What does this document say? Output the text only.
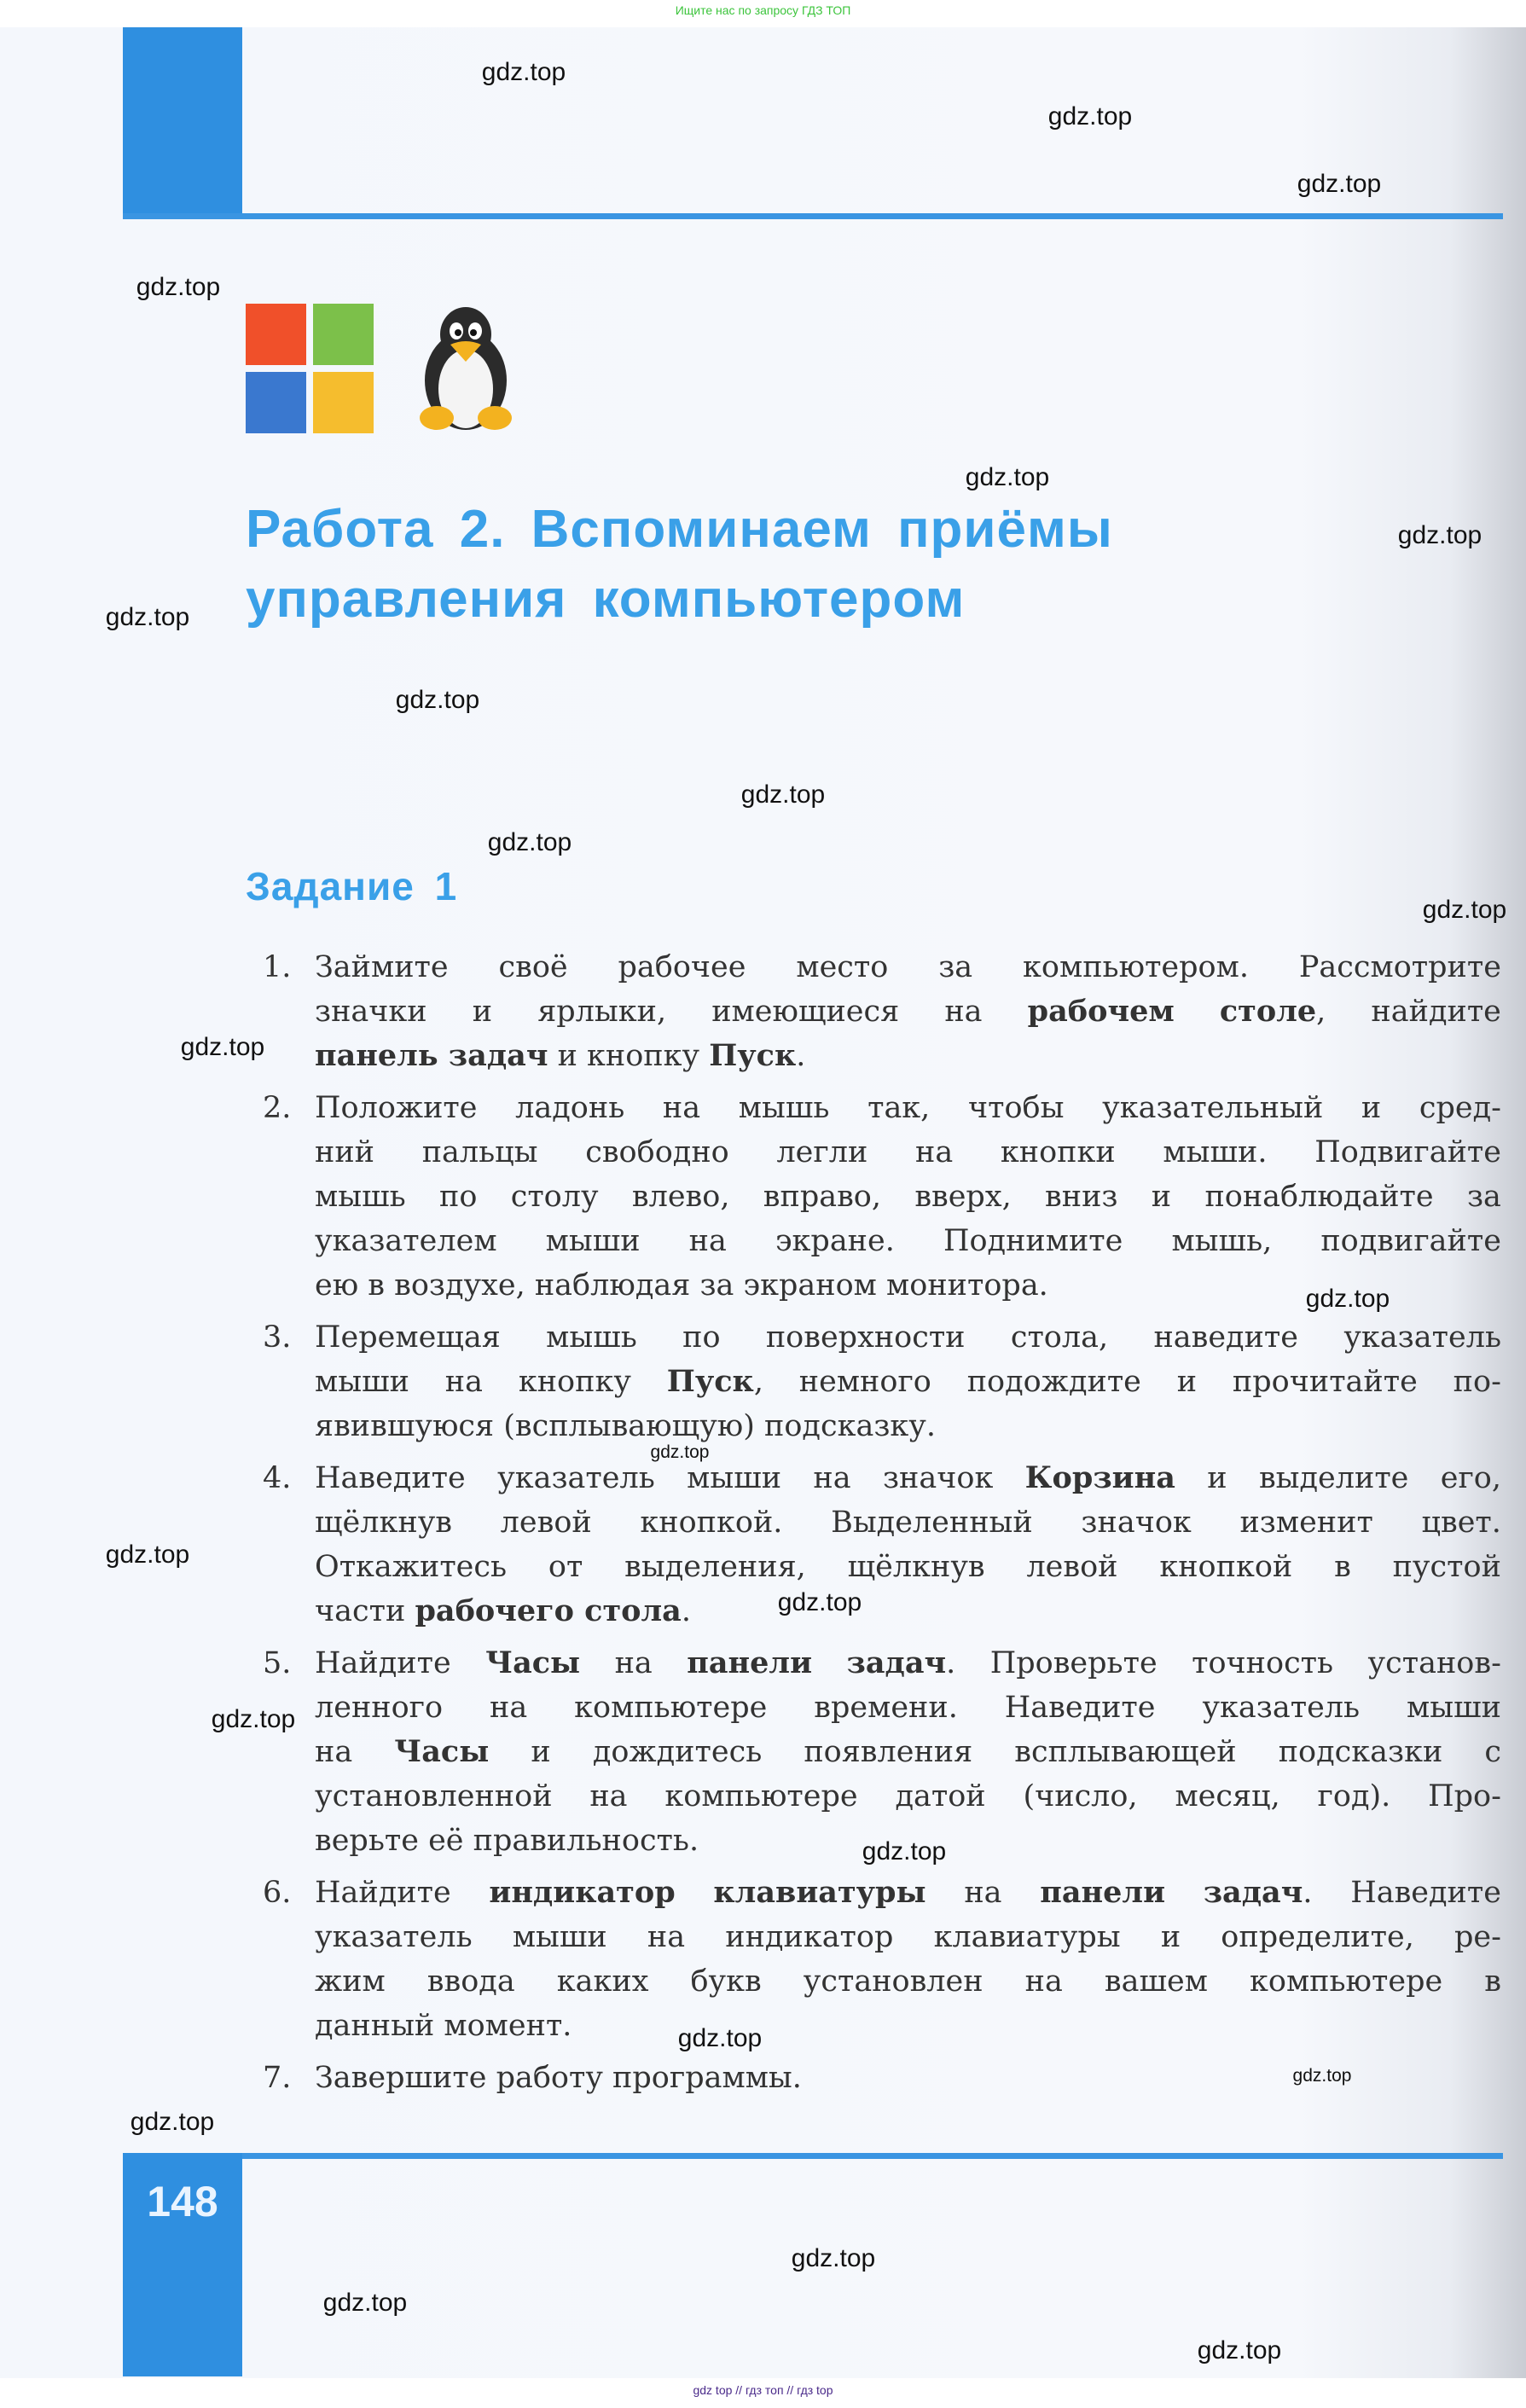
Ищите нас по запросу ГДЗ ТОП
Работа 2. Вспоминаем приёмы
управления компьютером
Задание 1
1. Займите своё рабочее место за компьютером. Рассмотрите
значки и ярлыки, имеющиеся на рабочем столе, найдите
панель задач и кнопку Пуск .
2. Положите ладонь на мышь так, чтобы указательный и сред-
ний пальцы свободно легли на кнопки мыши. Подвигайте
мышь по столу влево, вправо, вверх, вниз и понаблюдайте за
указателем мыши на экране. Поднимите мышь, подвигайте
ею в воздухе, наблюдая за экраном монитора.
3. Перемещая мышь по поверхности стола, наведите указатель
мыши на кнопку Пуск, немного подождите и прочитайте по-
явившуюся (всплывающую) подсказку.
4. Наведите указатель мыши на значок Корзина и выделите его,
щёлкнув левой кнопкой. Выделенный значок изменит цвет.
Откажитесь от выделения, щёлкнув левой кнопкой в пустой
части рабочего стола .
5. Найдите Часы на панели задач. Проверьте точность установ-
ленного на компьютере времени. Наведите указатель мыши
на Часы и дождитесь появления всплывающей подсказки с
установленной на компьютере датой (число, месяц, год). Про-
верьте её правильность.
6. Найдите индикатор клавиатуры на панели задач. Наведите
указатель мыши на индикатор клавиатуры и определите, ре-
жим ввода каких букв установлен на вашем компьютере в
данный момент.
7. Завершите работу программы.
148
gdz.top
gdz.top
gdz.top
gdz.top
gdz.top
gdz.top
gdz.top
gdz.top
gdz.top
gdz.top
gdz.top
gdz.top
gdz.top
gdz.top
gdz.top
gdz.top
gdz.top
gdz.top
gdz.top
gdz.top
gdz.top
gdz.top
gdz.top
gdz.top
gdz top // гдз топ // гдз top
